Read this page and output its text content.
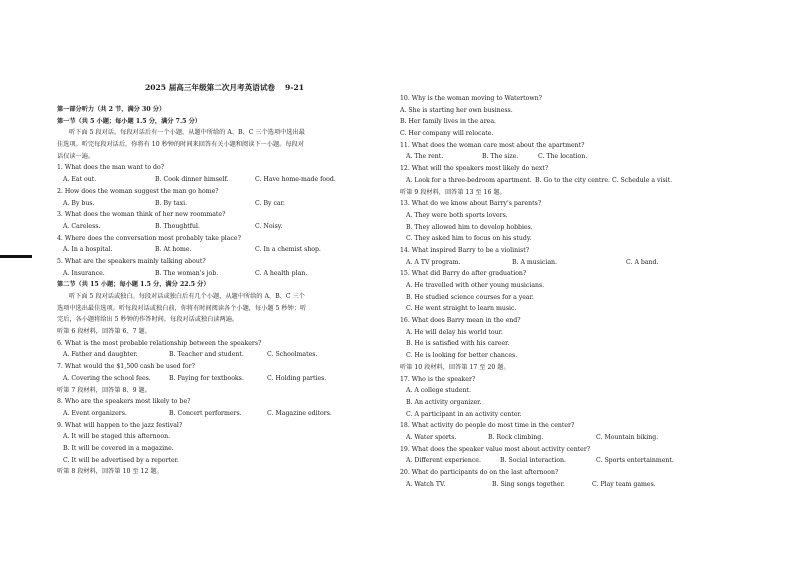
2025 届高三年级第二次月考英语试卷 9-21
第一部分听力（共 2 节，满分 30 分）
第一节（共 5 小题；每小题 1.5 分，满分 7.5 分）
听下面 5 段对话。每段对话后有一个小题，从题中所给的 A、B、C 三个选项中选出最
佳选项。听完每段对话后，你将有 10 秒钟的时间来回答有关小题和阅读下一小题。每段对
话仅读一遍。
1. What does the man want to do?
A. Eat out.	B. Cook dinner himself.	C. Have home-made food.
2. How does the woman suggest the man go home?
A. By bus.	B. By taxi.	C. By car.
3. What does the woman think of her new roommate?
A. Careless.	B. Thoughtful.	C. Noisy.
4. Where does the conversation most probably take place?
A. In a hospital.	B. At home.	C. In a chemist shop.
5. What are the speakers mainly talking about?
A. Insurance.	B. The woman's job.	C. A health plan.
第二节（共 15 小题；每小题 1.5 分，满分 22.5 分）
听下面 5 段对话或独白。每段对话或独白后有几个小题，从题中所给的 A、B、C 三个
选项中选出最佳选项。听每段对话或独白前，你将有时间阅读各个小题，每小题 5 秒钟；听
完后，各小题将给出 5 秒钟的作答时间。每段对话或独白读两遍。
听第 6 段材料，回答第 6、7 题。
6. What is the most probable relationship between the speakers?
A. Father and daughter.	B. Teacher and student.	C. Schoolmates.
7. What would the $1,500 cash be used for?
A. Covering the school fees.	B. Paying for textbooks.	C. Holding parties.
听第 7 段材料，回答第 8、9 题。
8. Who are the speakers most likely to be?
A. Event organizers.	B. Concert performers.	C. Magazine editors.
9. What will happen to the jazz festival?
A. It will be staged this afternoon.
B. It will be covered in a magazine.
C. It will be advertised by a reporter.
听第 8 段材料，回答第 10 至 12 题。
10. Why is the woman moving to Watertown?
A. She is starting her own business.
B. Her family lives in the area.
C. Her company will relocate.
11. What does the woman care most about the apartment?
A. The rent.	B. The size.	C. The location.
12. What will the speakers most likely do next?
A. Look for a three-bedroom apartment. B. Go to the city centre. C. Schedule a visit.
听第 9 段材料，回答第 13 至 16 题。
13. What do we know about Barry's parents?
A. They were both sports lovers.
B. They allowed him to develop hobbies.
C. They asked him to focus on his study.
14. What inspired Barry to be a violinist?
A. A TV program.	B. A musician.	C. A band.
15. What did Barry do after graduation?
A. He travelled with other young musicians.
B. He studied science courses for a year.
C. He went straight to learn music.
16. What does Barry mean in the end?
A. He will delay his world tour.
B. He is satisfied with his career.
C. He is looking for better chances.
听第 10 段材料，回答第 17 至 20 题。
17. Who is the speaker?
A. A college student.
B. An activity organizer.
C. A participant in an activity center.
18. What activity do people do most time in the center?
A. Water sports.	B. Rock climbing.	C. Mountain biking.
19. What does the speaker value most about activity center?
A. Different experience.	B. Social interaction.	C. Sports entertainment.
20. What do participants do on the last afternoon?
A. Watch TV.	B. Sing songs together.	C. Play team games.
